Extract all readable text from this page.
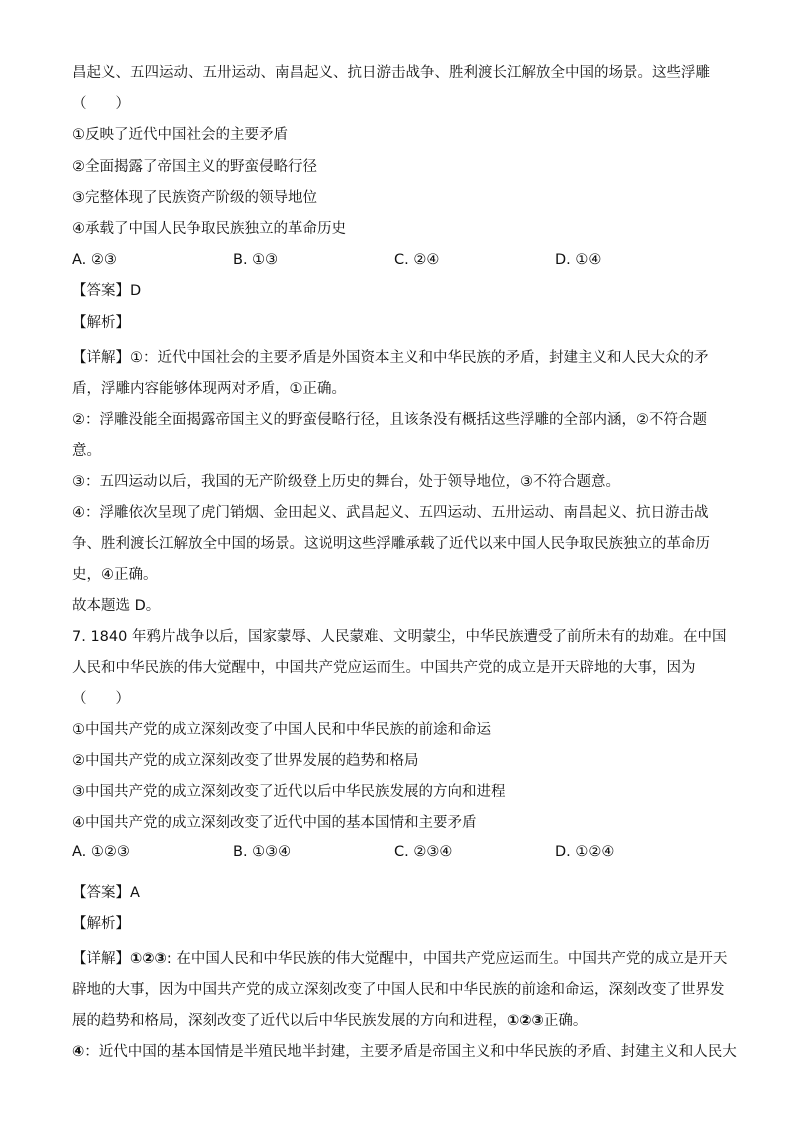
昌起义、五四运动、五卅运动、南昌起义、抗日游击战争、胜利渡长江解放全中国的场景。这些浮雕
（　　）
①反映了近代中国社会的主要矛盾
②全面揭露了帝国主义的野蛮侵略行径
③完整体现了民族资产阶级的领导地位
④承载了中国人民争取民族独立的革命历史
A. ②③	B. ①③	C. ②④	D. ①④
【答案】D
【解析】

【详解】①：近代中国社会的主要矛盾是外国资本主义和中华民族的矛盾，封建主义和人民大众的矛盾，浮雕内容能够体现两对矛盾，①正确。

②：浮雕没能全面揭露帝国主义的野蛮侵略行径，且该条没有概括这些浮雕的全部内涵，②不符合题意。

③：五四运动以后，我国的无产阶级登上历史的舞台，处于领导地位，③不符合题意。

④：浮雕依次呈现了虎门销烟、金田起义、武昌起义、五四运动、五卅运动、南昌起义、抗日游击战争、胜利渡长江解放全中国的场景。这说明这些浮雕承载了近代以来中国人民争取民族独立的革命历史，④正确。

故本题选 D。

7. 1840 年鸦片战争以后，国家蒙辱、人民蒙难、文明蒙尘，中华民族遭受了前所未有的劫难。在中国人民和中华民族的伟大觉醒中，中国共产党应运而生。中国共产党的成立是开天辟地的大事，因为（　　）

①中国共产党的成立深刻改变了中国人民和中华民族的前途和命运

②中国共产党的成立深刻改变了世界发展的趋势和格局

③中国共产党的成立深刻改变了近代以后中华民族发展的方向和进程

④中国共产党的成立深刻改变了近代中国的基本国情和主要矛盾

A. ①②③	B. ①③④	C. ②③④	D. ①②④
【答案】A
【解析】

【详解】①②③: 在中国人民和中华民族的伟大觉醒中，中国共产党应运而生。中国共产党的成立是开天辟地的大事，因为中国共产党的成立深刻改变了中国人民和中华民族的前途和命运，深刻改变了世界发展的趋势和格局，深刻改变了近代以后中华民族发展的方向和进程，①②③正确。

④：近代中国的基本国情是半殖民地半封建，主要矛盾是帝国主义和中华民族的矛盾、封建主义和人民大
